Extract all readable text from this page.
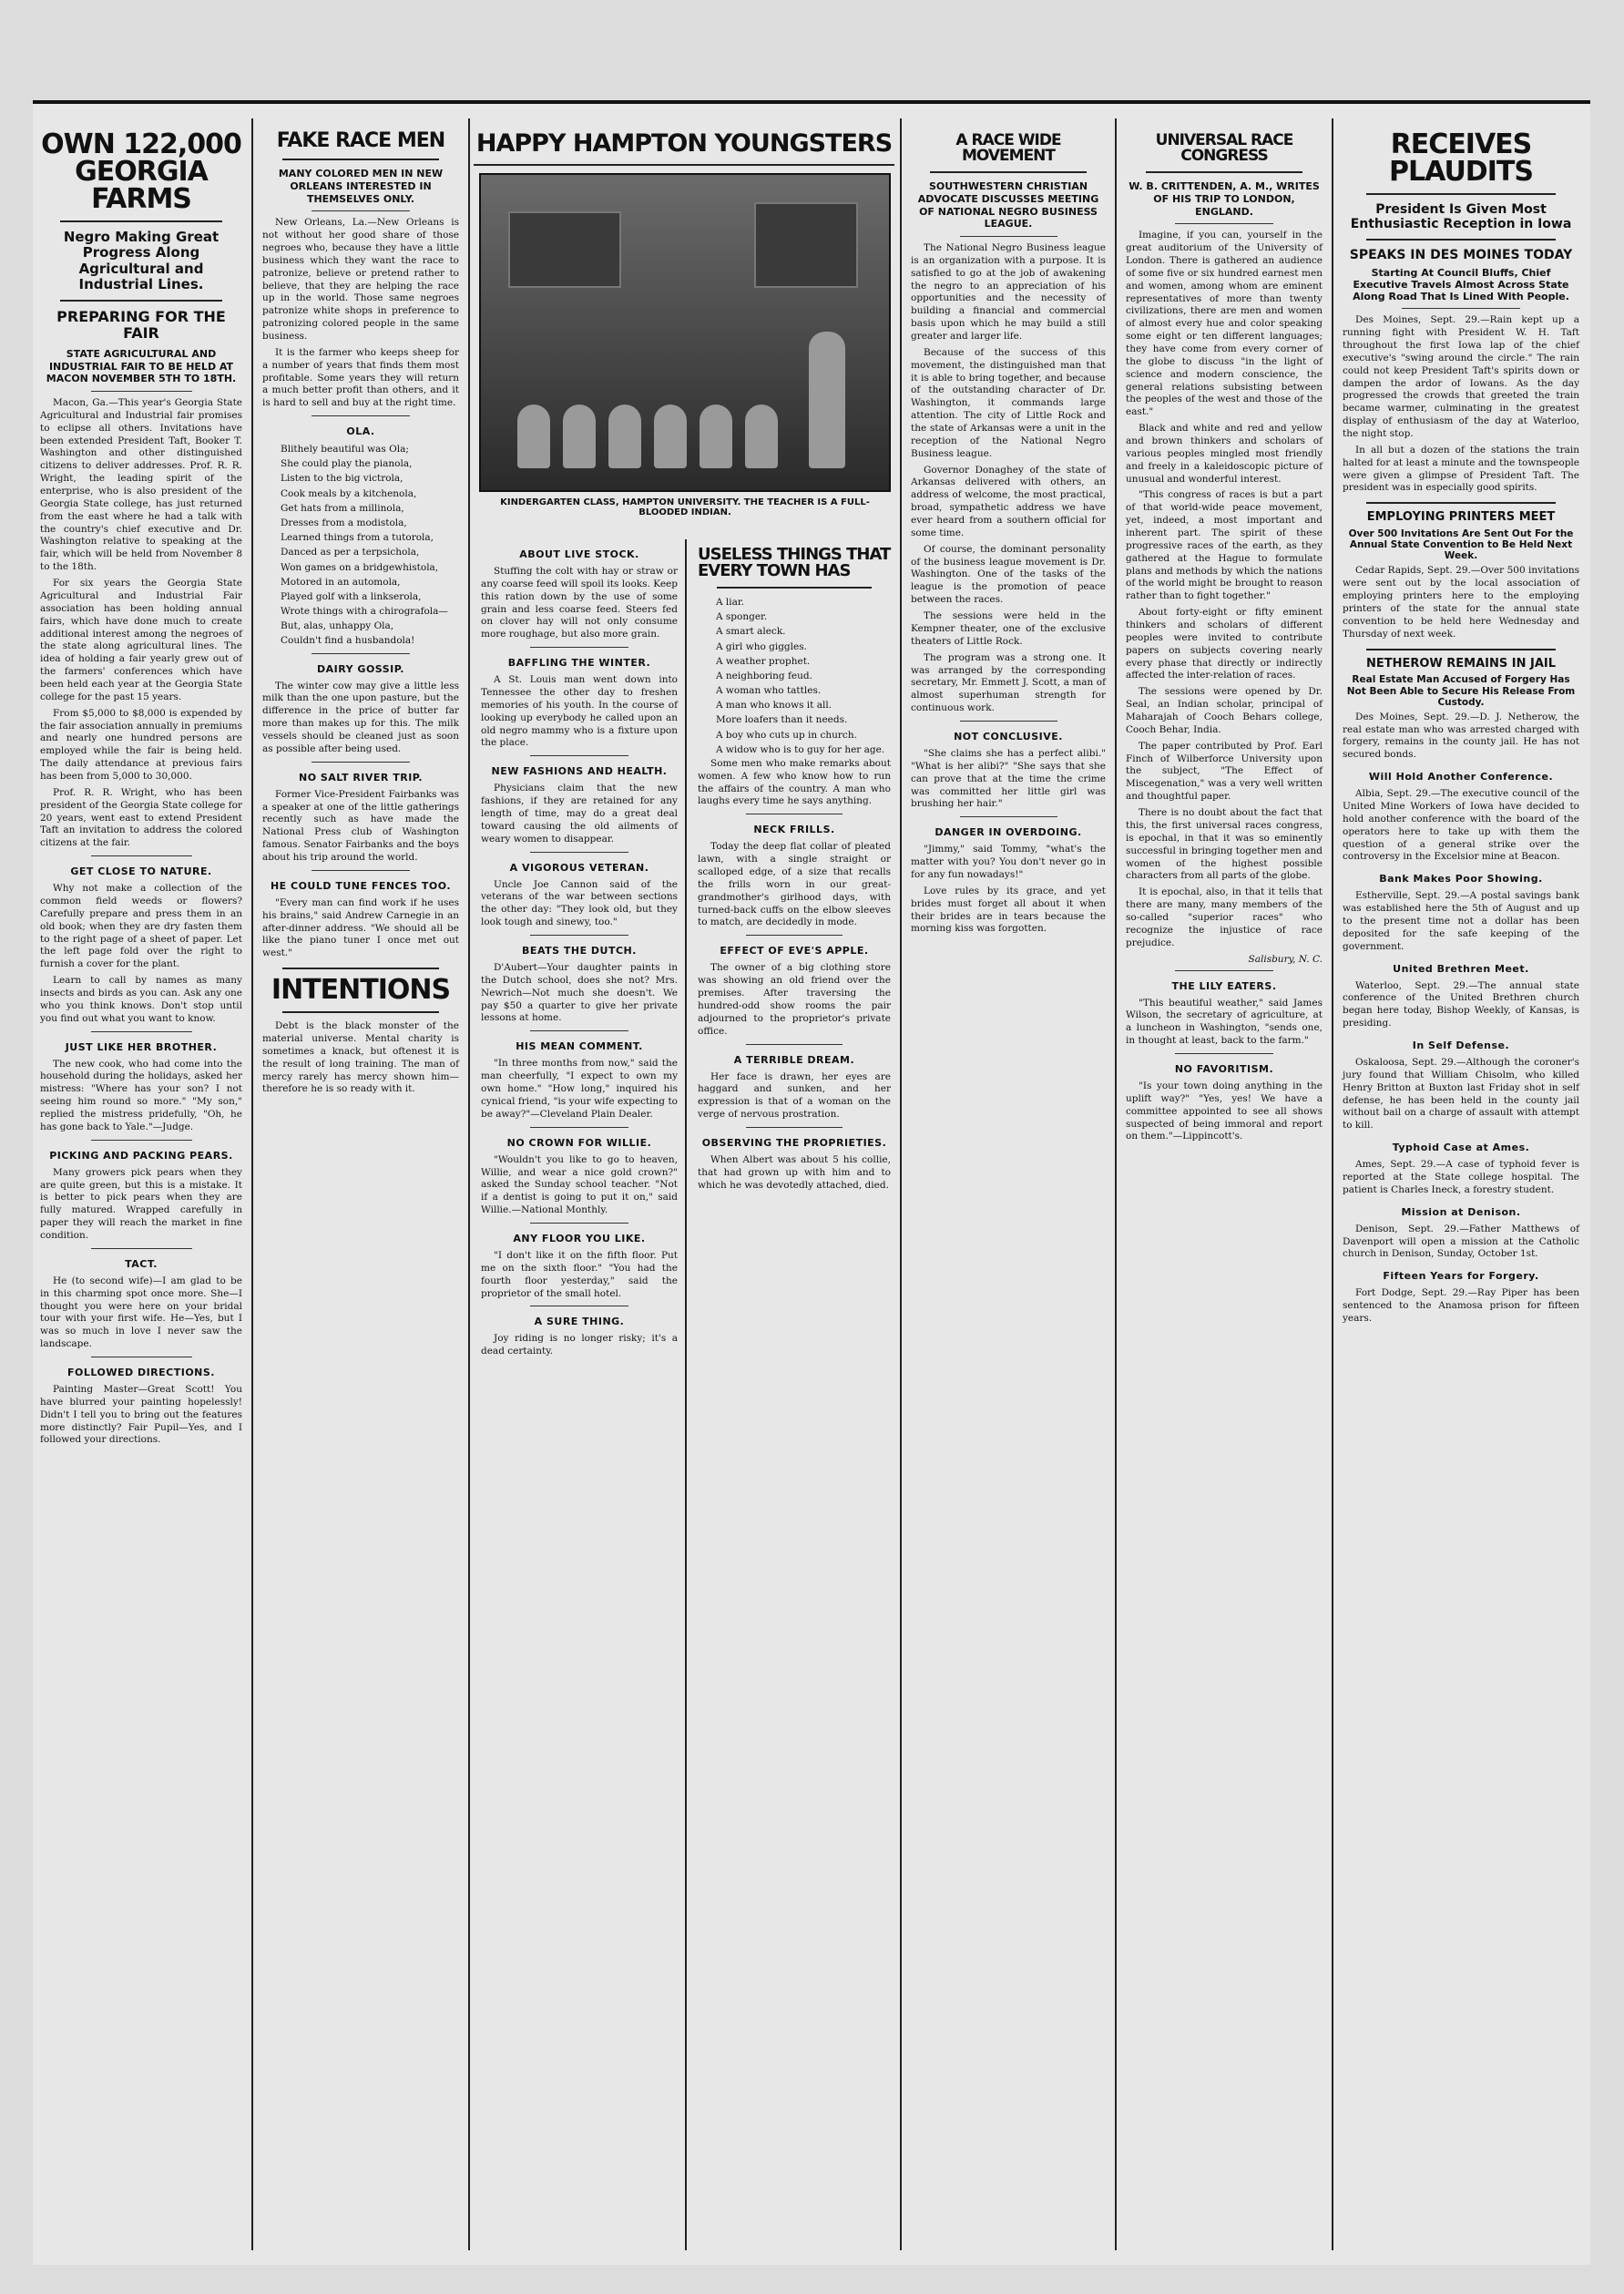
OWN 122,000 GEORGIA FARMS
Negro Making Great Progress Along Agricultural and Industrial Lines.
PREPARING FOR THE FAIR
STATE AGRICULTURAL AND INDUSTRIAL FAIR TO BE HELD AT MACON NOVEMBER 5TH TO 18TH.

Macon, Ga.—This year's Georgia State Agricultural and Industrial fair promises to eclipse all others. Invitations have been extended President Taft, Booker T. Washington and other distinguished citizens to deliver addresses. Prof. R. R. Wright, the leading spirit of the enterprise, who is also president of the Georgia State college, has just returned from the east where he had a talk with the country's chief executive and Dr. Washington relative to speaking at the fair, which will be held from November 8 to the 18th.

For six years the Georgia State Agricultural and Industrial Fair association has been holding annual fairs, which have done much to create additional interest among the negroes of the state along agricultural lines. The idea of holding a fair yearly grew out of the farmers' conferences which have been held each year at the Georgia State college for the past 15 years.

From $5,000 to $8,000 is expended by the fair association annually in premiums and nearly one hundred persons are employed while the fair is being held. The daily attendance at previous fairs has been from 5,000 to 30,000.

Prof. R. R. Wright, who has been president of the Georgia State college for 20 years, went east to extend President Taft an invitation to address the colored citizens at the fair.

GET CLOSE TO NATURE.

Why not make a collection of the common field weeds or flowers? Carefully prepare and press them in an old book; when they are dry fasten them to the right page of a sheet of paper. Let the left page fold over the right to furnish a cover for the plant.

Learn to call by names as many insects and birds as you can. Ask any one who you think knows. Don't stop until you find out what you want to know.

JUST LIKE HER BROTHER.

The new cook, who had come into the household during the holidays, asked her mistress: "Where has your son? I not seeing him round so more." "My son," replied the mistress pridefully, "Oh, he has gone back to Yale."—Judge.

PICKING AND PACKING PEARS.

Many growers pick pears when they are quite green, but this is a mistake. It is better to pick pears when they are fully matured. Wrapped carefully in paper they will reach the market in fine condition.

TACT.

He (to second wife)—I am glad to be in this charming spot once more. She—I thought you were here on your bridal tour with your first wife. He—Yes, but I was so much in love I never saw the landscape.

FOLLOWED DIRECTIONS.

Painting Master—Great Scott! You have blurred your painting hopelessly! Didn't I tell you to bring out the features more distinctly? Fair Pupil—Yes, and I followed your directions.

FAKE RACE MEN
MANY COLORED MEN IN NEW ORLEANS INTERESTED IN THEMSELVES ONLY.

New Orleans, La.—New Orleans is not without her good share of those negroes who, because they have a little business which they want the race to patronize, believe or pretend rather to believe, that they are helping the race up in the world. Those same negroes patronize white shops in preference to patronizing colored people in the same business.

It is the farmer who keeps sheep for a number of years that finds them most profitable. Some years they will return a much better profit than others, and it is hard to sell and buy at the right time.

OLA.
Blithely beautiful was Ola;
She could play the pianola,
Listen to the big victrola,
Cook meals by a kitchenola,
Get hats from a millinola,
Dresses from a modistola,
Learned things from a tutorola,
Danced as per a terpsichola,
Won games on a bridgewhistola,
Motored in an automola,
Played golf with a linkserola,
Wrote things with a chirografola—
But, alas, unhappy Ola,
Couldn't find a husbandola!
DAIRY GOSSIP.

The winter cow may give a little less milk than the one upon pasture, but the difference in the price of butter far more than makes up for this. The milk vessels should be cleaned just as soon as possible after being used.

NO SALT RIVER TRIP.

Former Vice-President Fairbanks was a speaker at one of the little gatherings recently such as have made the National Press club of Washington famous. Senator Fairbanks and the boys about his trip around the world.

HE COULD TUNE FENCES TOO.

"Every man can find work if he uses his brains," said Andrew Carnegie in an after-dinner address. "We should all be like the piano tuner I once met out west."

INTENTIONS

Debt is the black monster of the material universe. Mental charity is sometimes a knack, but oftenest it is the result of long training. The man of mercy rarely has mercy shown him—therefore he is so ready with it.

HAPPY HAMPTON YOUNGSTERS
ABOUT LIVE STOCK.

Stuffing the colt with hay or straw or any coarse feed will spoil its looks. Keep this ration down by the use of some grain and less coarse feed. Steers fed on clover hay will not only consume more roughage, but also more grain.

BAFFLING THE WINTER.

A St. Louis man went down into Tennessee the other day to freshen memories of his youth. In the course of looking up everybody he called upon an old negro mammy who is a fixture upon the place.

NEW FASHIONS AND HEALTH.

Physicians claim that the new fashions, if they are retained for any length of time, may do a great deal toward causing the old ailments of weary women to disappear.

A VIGOROUS VETERAN.

Uncle Joe Cannon said of the veterans of the war between sections the other day: "They look old, but they look tough and sinewy, too."

BEATS THE DUTCH.

D'Aubert—Your daughter paints in the Dutch school, does she not? Mrs. Newrich—Not much she doesn't. We pay $50 a quarter to give her private lessons at home.

HIS MEAN COMMENT.

"In three months from now," said the man cheerfully, "I expect to own my own home." "How long," inquired his cynical friend, "is your wife expecting to be away?"—Cleveland Plain Dealer.

NO CROWN FOR WILLIE.

"Wouldn't you like to go to heaven, Willie, and wear a nice gold crown?" asked the Sunday school teacher. "Not if a dentist is going to put it on," said Willie.—National Monthly.

ANY FLOOR YOU LIKE.

"I don't like it on the fifth floor. Put me on the sixth floor." "You had the fourth floor yesterday," said the proprietor of the small hotel.

A SURE THING.

Joy riding is no longer risky; it's a dead certainty.

KINDERGARTEN CLASS, HAMPTON UNIVERSITY. THE TEACHER IS A FULL-BLOODED INDIAN.
USELESS THINGS THAT EVERY TOWN HAS
A liar.
A sponger.
A smart aleck.
A girl who giggles.
A weather prophet.
A neighboring feud.
A woman who tattles.
A man who knows it all.
More loafers than it needs.
A boy who cuts up in church.
A widow who is to guy for her age.

Some men who make remarks about women. A few who know how to run the affairs of the country. A man who laughs every time he says anything.

NECK FRILLS.

Today the deep flat collar of pleated lawn, with a single straight or scalloped edge, of a size that recalls the frills worn in our great-grandmother's girlhood days, with turned-back cuffs on the elbow sleeves to match, are decidedly in mode.

EFFECT OF EVE'S APPLE.

The owner of a big clothing store was showing an old friend over the premises. After traversing the hundred-odd show rooms the pair adjourned to the proprietor's private office.

A TERRIBLE DREAM.

Her face is drawn, her eyes are haggard and sunken, and her expression is that of a woman on the verge of nervous prostration.

OBSERVING THE PROPRIETIES.

When Albert was about 5 his collie, that had grown up with him and to which he was devotedly attached, died.

A RACE WIDE MOVEMENT
SOUTHWESTERN CHRISTIAN ADVOCATE DISCUSSES MEETING OF NATIONAL NEGRO BUSINESS LEAGUE.

The National Negro Business league is an organization with a purpose. It is satisfied to go at the job of awakening the negro to an appreciation of his opportunities and the necessity of building a financial and commercial basis upon which he may build a still greater and larger life.

Because of the success of this movement, the distinguished man that it is able to bring together, and because of the outstanding character of Dr. Washington, it commands large attention. The city of Little Rock and the state of Arkansas were a unit in the reception of the National Negro Business league.

Governor Donaghey of the state of Arkansas delivered with others, an address of welcome, the most practical, broad, sympathetic address we have ever heard from a southern official for some time.

Of course, the dominant personality of the business league movement is Dr. Washington. One of the tasks of the league is the promotion of peace between the races.

The sessions were held in the Kempner theater, one of the exclusive theaters of Little Rock.

The program was a strong one. It was arranged by the corresponding secretary, Mr. Emmett J. Scott, a man of almost superhuman strength for continuous work.

NOT CONCLUSIVE.

"She claims she has a perfect alibi." "What is her alibi?" "She says that she can prove that at the time the crime was committed her little girl was brushing her hair."

DANGER IN OVERDOING.

"Jimmy," said Tommy, "what's the matter with you? You don't never go in for any fun nowadays!"

Love rules by its grace, and yet brides must forget all about it when their brides are in tears because the morning kiss was forgotten.

UNIVERSAL RACE CONGRESS
W. B. CRITTENDEN, A. M., WRITES OF HIS TRIP TO LONDON, ENGLAND.

Imagine, if you can, yourself in the great auditorium of the University of London. There is gathered an audience of some five or six hundred earnest men and women, among whom are eminent representatives of more than twenty civilizations, there are men and women of almost every hue and color speaking some eight or ten different languages; they have come from every corner of the globe to discuss "in the light of science and modern conscience, the general relations subsisting between the peoples of the west and those of the east."

Black and white and red and yellow and brown thinkers and scholars of various peoples mingled most friendly and freely in a kaleidoscopic picture of unusual and wonderful interest.

"This congress of races is but a part of that world-wide peace movement, yet, indeed, a most important and inherent part. The spirit of these progressive races of the earth, as they gathered at the Hague to formulate plans and methods by which the nations of the world might be brought to reason rather than to fight together."

About forty-eight or fifty eminent thinkers and scholars of different peoples were invited to contribute papers on subjects covering nearly every phase that directly or indirectly affected the inter-relation of races.

The sessions were opened by Dr. Seal, an Indian scholar, principal of Maharajah of Cooch Behars college, Cooch Behar, India.

The paper contributed by Prof. Earl Finch of Wilberforce University upon the subject, "The Effect of Miscegenation," was a very well written and thoughtful paper.

There is no doubt about the fact that this, the first universal races congress, is epochal, in that it was so eminently successful in bringing together men and women of the highest possible characters from all parts of the globe.

It is epochal, also, in that it tells that there are many, many members of the so-called "superior races" who recognize the injustice of race prejudice.

Salisbury, N. C.
THE LILY EATERS.

"This beautiful weather," said James Wilson, the secretary of agriculture, at a luncheon in Washington, "sends one, in thought at least, back to the farm."

NO FAVORITISM.

"Is your town doing anything in the uplift way?" "Yes, yes! We have a committee appointed to see all shows suspected of being immoral and report on them."—Lippincott's.

RECEIVES PLAUDITS
President Is Given Most Enthusiastic Reception in Iowa
SPEAKS IN DES MOINES TODAY
Starting At Council Bluffs, Chief Executive Travels Almost Across State Along Road That Is Lined With People.

Des Moines, Sept. 29.—Rain kept up a running fight with President W. H. Taft throughout the first Iowa lap of the chief executive's "swing around the circle." The rain could not keep President Taft's spirits down or dampen the ardor of Iowans. As the day progressed the crowds that greeted the train became warmer, culminating in the greatest display of enthusiasm of the day at Waterloo, the night stop.

In all but a dozen of the stations the train halted for at least a minute and the townspeople were given a glimpse of President Taft. The president was in especially good spirits.

EMPLOYING PRINTERS MEET
Over 500 Invitations Are Sent Out For the Annual State Convention to Be Held Next Week.

Cedar Rapids, Sept. 29.—Over 500 invitations were sent out by the local association of employing printers here to the employing printers of the state for the annual state convention to be held here Wednesday and Thursday of next week.

NETHEROW REMAINS IN JAIL
Real Estate Man Accused of Forgery Has Not Been Able to Secure His Release From Custody.

Des Moines, Sept. 29.—D. J. Netherow, the real estate man who was arrested charged with forgery, remains in the county jail. He has not secured bonds.

Will Hold Another Conference.

Albia, Sept. 29.—The executive council of the United Mine Workers of Iowa have decided to hold another conference with the board of the operators here to take up with them the question of a general strike over the controversy in the Excelsior mine at Beacon.

Bank Makes Poor Showing.

Estherville, Sept. 29.—A postal savings bank was established here the 5th of August and up to the present time not a dollar has been deposited for the safe keeping of the government.

United Brethren Meet.

Waterloo, Sept. 29.—The annual state conference of the United Brethren church began here today, Bishop Weekly, of Kansas, is presiding.

In Self Defense.

Oskaloosa, Sept. 29.—Although the coroner's jury found that William Chisolm, who killed Henry Britton at Buxton last Friday shot in self defense, he has been held in the county jail without bail on a charge of assault with attempt to kill.

Typhoid Case at Ames.

Ames, Sept. 29.—A case of typhoid fever is reported at the State college hospital. The patient is Charles Ineck, a forestry student.

Mission at Denison.

Denison, Sept. 29.—Father Matthews of Davenport will open a mission at the Catholic church in Denison, Sunday, October 1st.

Fifteen Years for Forgery.

Fort Dodge, Sept. 29.—Ray Piper has been sentenced to the Anamosa prison for fifteen years.
